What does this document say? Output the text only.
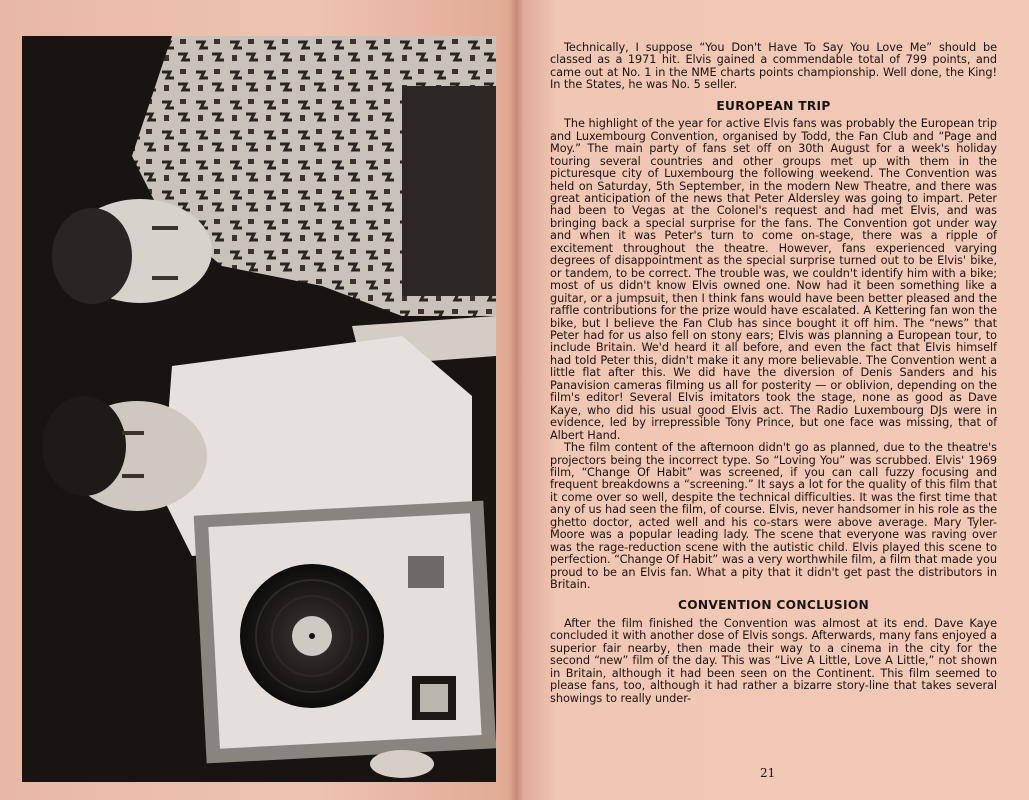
Technically, I suppose “You Don't Have To Say You Love Me” should be classed as a 1971 hit. Elvis gained a commendable total of 799 points, and came out at No. 1 in the NME charts points championship. Well done, the King! In the States, he was No. 5 seller.

EUROPEAN TRIP

The highlight of the year for active Elvis fans was probably the European trip and Luxembourg Convention, organised by Todd, the Fan Club and “Page and Moy.” The main party of fans set off on 30th August for a week's holiday touring several countries and other groups met up with them in the picturesque city of Luxembourg the following weekend. The Convention was held on Saturday, 5th September, in the modern New Theatre, and there was great anticipation of the news that Peter Aldersley was going to impart. Peter had been to Vegas at the Colonel's request and had met Elvis, and was bringing back a special surprise for the fans. The Convention got under way and when it was Peter's turn to come on-stage, there was a ripple of excitement throughout the theatre. However, fans experienced varying degrees of disappointment as the special surprise turned out to be Elvis' bike, or tandem, to be correct. The trouble was, we couldn't identify him with a bike; most of us didn't know Elvis owned one. Now had it been something like a guitar, or a jumpsuit, then I think fans would have been better pleased and the raffle contributions for the prize would have escalated. A Kettering fan won the bike, but I believe the Fan Club has since bought it off him. The “news” that Peter had for us also fell on stony ears; Elvis was planning a European tour, to include Britain. We'd heard it all before, and even the fact that Elvis himself had told Peter this, didn't make it any more believable. The Convention went a little flat after this. We did have the diversion of Denis Sanders and his Panavision cameras filming us all for posterity — or oblivion, depending on the film's editor! Several Elvis imitators took the stage, none as good as Dave Kaye, who did his usual good Elvis act. The Radio Luxembourg DJs were in evidence, led by irrepressible Tony Prince, but one face was missing, that of Albert Hand.

The film content of the afternoon didn't go as planned, due to the theatre's projectors being the incorrect type. So “Loving You” was scrubbed. Elvis' 1969 film, “Change Of Habit” was screened, if you can call fuzzy focusing and frequent breakdowns a “screening.” It says a lot for the quality of this film that it come over so well, despite the technical difficulties. It was the first time that any of us had seen the film, of course. Elvis, never handsomer in his role as the ghetto doctor, acted well and his co-stars were above average. Mary Tyler-Moore was a popular leading lady. The scene that everyone was raving over was the rage-reduction scene with the autistic child. Elvis played this scene to perfection. “Change Of Habit” was a very worthwhile film, a film that made you proud to be an Elvis fan. What a pity that it didn't get past the distributors in Britain.

CONVENTION CONCLUSION

After the film finished the Convention was almost at its end. Dave Kaye concluded it with another dose of Elvis songs. Afterwards, many fans enjoyed a superior fair nearby, then made their way to a cinema in the city for the second “new” film of the day. This was “Live A Little, Love A Little,” not shown in Britain, although it had been seen on the Continent. This film seemed to please fans, too, although it had rather a bizarre story-line that takes several showings to really under-

21
